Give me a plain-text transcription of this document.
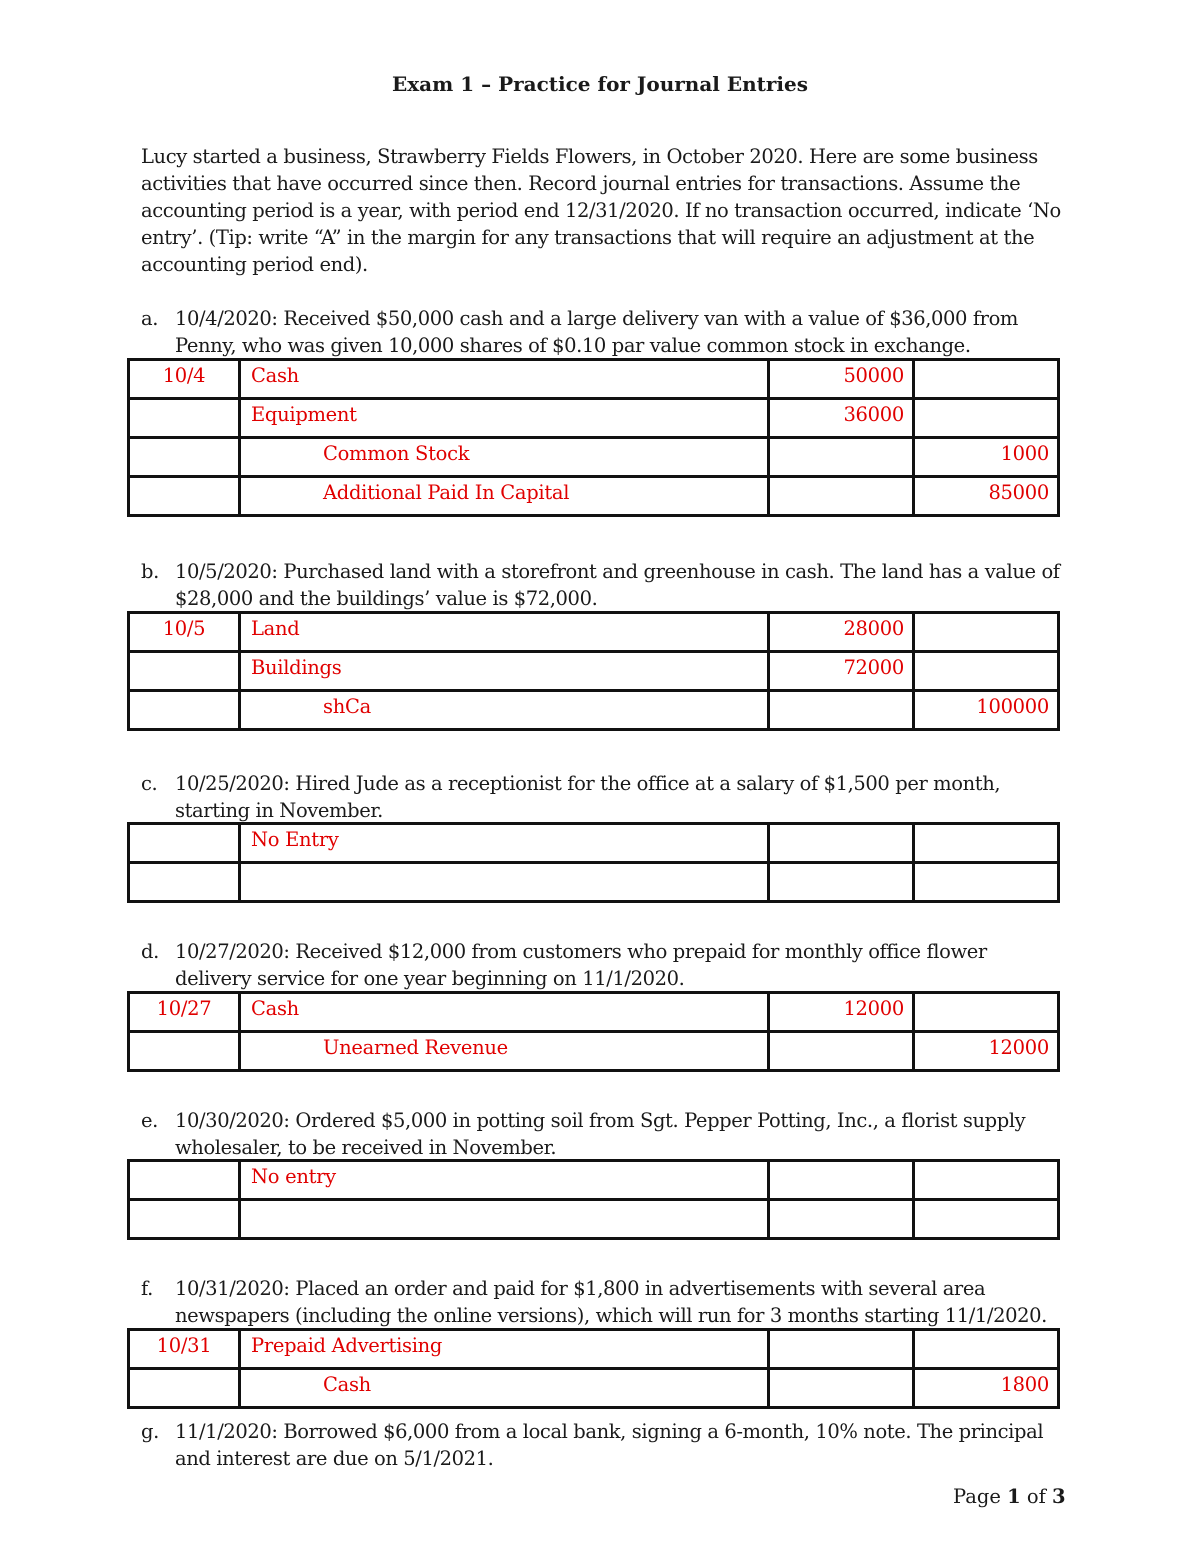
Exam 1 – Practice for Journal Entries
Lucy started a business, Strawberry Fields Flowers, in October 2020. Here are some business activities that have occurred since then. Record journal entries for transactions. Assume the accounting period is a year, with period end 12/31/2020. If no transaction occurred, indicate ‘No entry’. (Tip: write “A” in the margin for any transactions that will require an adjustment at the accounting period end).
a. 10/4/2020: Received $50,000 cash and a large delivery van with a value of $36,000 from Penny, who was given 10,000 shares of $0.10 par value common stock in exchange.
10/4	Cash	50000	
	Equipment	36000	
	Common Stock		1000
	Additional Paid In Capital		85000
b. 10/5/2020: Purchased land with a storefront and greenhouse in cash. The land has a value of $28,000 and the buildings’ value is $72,000.
10/5	Land	28000	
	Buildings	72000	
	shCa		100000
c. 10/25/2020: Hired Jude as a receptionist for the office at a salary of $1,500 per month, starting in November.
	No Entry		

d. 10/27/2020: Received $12,000 from customers who prepaid for monthly office flower delivery service for one year beginning on 11/1/2020.
10/27	Cash	12000	
	Unearned Revenue		12000
e. 10/30/2020: Ordered $5,000 in potting soil from Sgt. Pepper Potting, Inc., a florist supply wholesaler, to be received in November.
	No entry		

f. 10/31/2020: Placed an order and paid for $1,800 in advertisements with several area newspapers (including the online versions), which will run for 3 months starting 11/1/2020.
10/31	Prepaid Advertising		
	Cash		1800
g. 11/1/2020: Borrowed $6,000 from a local bank, signing a 6-month, 10% note. The principal and interest are due on 5/1/2021.
Page 1 of 3
